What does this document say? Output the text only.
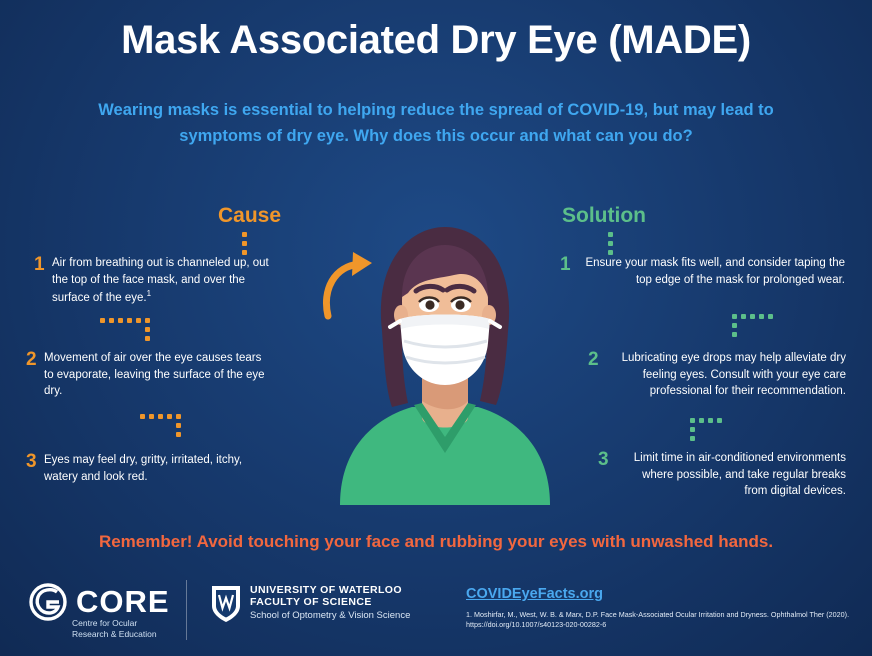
Mask Associated Dry Eye (MADE)
Wearing masks is essential to helping reduce the spread of COVID-19, but may lead to symptoms of dry eye. Why does this occur and what can you do?
Cause	Solution
1 Air from breathing out is channeled up, out the top of the face mask, and over the surface of the eye.$^1$
2 Movement of air over the eye causes tears to evaporate, leaving the surface of the eye dry.
3 Eyes may feel dry, gritty, irritated, itchy, watery and look red.
1	Ensure your mask fits well, and consider taping the top edge of the mask for prolonged wear.
2	Lubricating eye drops may help alleviate dry feeling eyes. Consult with your eye care professional for their recommendation.
3	Limit time in air-conditioned environments where possible, and take regular breaks from digital devices.
Remember! Avoid touching your face and rubbing your eyes with unwashed hands.
CORE
Centre for Ocular
Research & Education
UNIVERSITY OF WATERLOO
FACULTY OF SCIENCE
School of Optometry & Vision Science
COVIDEyeFacts.org
1. Moshirfar, M., West, W. B. & Marx, D.P. Face Mask-Associated Ocular Irritation and Dryness. Ophthalmol Ther (2020). https://doi.org/10.1007/s40123-020-00282-6
